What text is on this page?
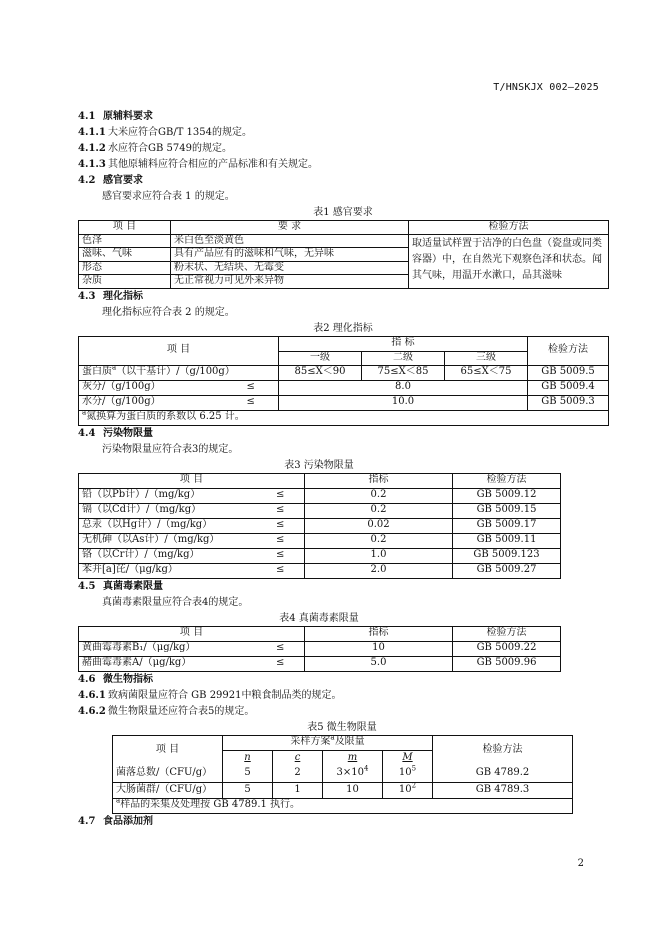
T/HNSKJX 002—2025
4.1 原辅料要求
4.1.1 大米应符合GB/T 1354的规定。
4.1.2 水应符合GB 5749的规定。
4.1.3 其他原辅料应符合相应的产品标准和有关规定。
4.2 感官要求
感官要求应符合表 1 的规定。
表1 感官要求
项 目	要 求	检验方法
色泽	米白色至淡黄色	取适量试样置于洁净的白色盘（瓷盘或同类容器）中，在自然光下观察色泽和状态。闻其气味，用温开水漱口，品其滋味
滋味、气味	具有产品应有的滋味和气味，无异味	
形态	粉末状、无结块、无霉变	
杂质	无正常视力可见外来异物	
4.3 理化指标
理化指标应符合表 2 的规定。
表2 理化指标
项 目		指 标			检验方法
		一级	二级	三级	
蛋白质$^a$（以干基计）/（g/100g）		85≤X＜90	75≤X＜85	65≤X＜75	GB 5009.5
灰分/（g/100g）	≤	8.0			GB 5009.4
水分/（g/100g）	≤	10.0			GB 5009.3
$^a$氮换算为蛋白质的系数以 6.25 计。					
4.4 污染物限量
污染物限量应符合表3的规定。
表3 污染物限量
项 目		指标	检验方法
铅（以Pb计）/（mg/kg）	≤	0.2	GB 5009.12
镉（以Cd计）/（mg/kg）	≤	0.2	GB 5009.15
总汞（以Hg计）/（mg/kg）	≤	0.02	GB 5009.17
无机砷（以As计）/（mg/kg）	≤	0.2	GB 5009.11
铬（以Cr计）/（mg/kg）	≤	1.0	GB 5009.123
苯并[a]芘/（μg/kg）	≤	2.0	GB 5009.27
4.5 真菌毒素限量
真菌毒素限量应符合表4的规定。
表4 真菌毒素限量
项 目		指标	检验方法
黄曲霉毒素B₁/（μg/kg）	≤	10	GB 5009.22
赭曲霉毒素A/（μg/kg）	≤	5.0	GB 5009.96
4.6 微生物指标
4.6.1 致病菌限量应符合 GB 29921中粮食制品类的规定。
4.6.2 微生物限量还应符合表5的规定。
表5 微生物限量
项 目	采样方案$^a$及限量				检验方法
	n	c	m	M	
菌落总数/（CFU/g）	5	2	$3\times 10^4$	$10^5$	GB 4789.2
大肠菌群/（CFU/g）	5	1	10	$10^2$	GB 4789.3
$^a$样品的采集及处理按 GB 4789.1 执行。					
4.7 食品添加剂
2
